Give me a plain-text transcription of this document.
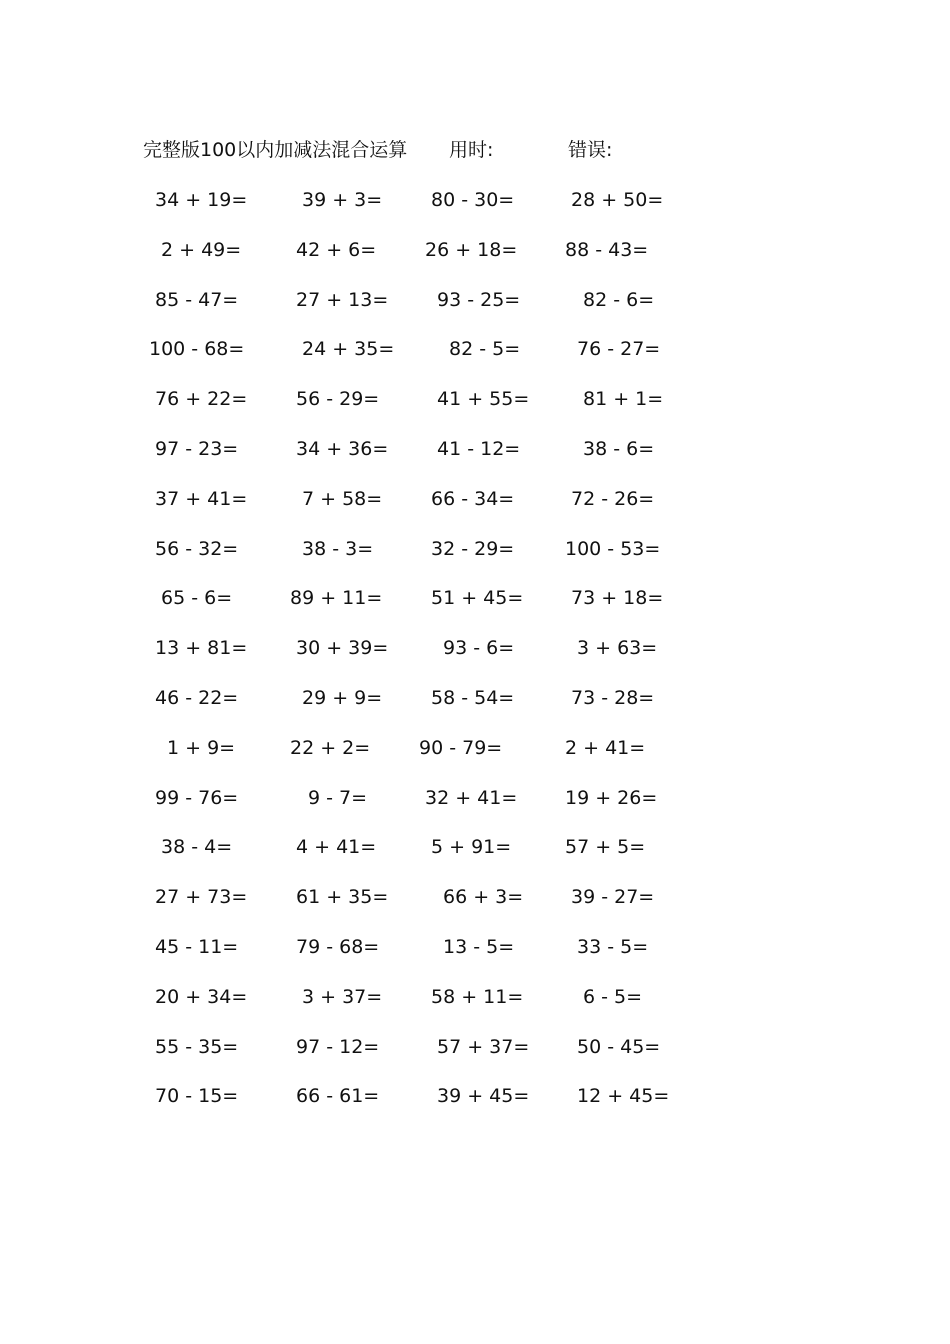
完整版100以内加减法混合运算 用时:	错误:
34 + 19=	39 + 3=	80 - 30=	28 + 50=
2 + 49=	42 + 6=	26 + 18=	88 - 43=
85 - 47=	27 + 13=	93 - 25=	82 - 6=
100 - 68=	24 + 35=	82 - 5=	76 - 27=
76 + 22=	56 - 29=	41 + 55=	81 + 1=
97 - 23=	34 + 36=	41 - 12=	38 - 6=
37 + 41=	7 + 58=	66 - 34=	72 - 26=
56 - 32=	38 - 3=	32 - 29=	100 - 53=
65 - 6=	89 + 11=	51 + 45=	73 + 18=
13 + 81=	30 + 39=	93 - 6=	3 + 63=
46 - 22=	29 + 9=	58 - 54=	73 - 28=
1 + 9=	22 + 2=	90 - 79=	2 + 41=
99 - 76=	9 - 7=	32 + 41=	19 + 26=
38 - 4=	4 + 41=	5 + 91=	57 + 5=
27 + 73=	61 + 35=	66 + 3=	39 - 27=
45 - 11=	79 - 68=	13 - 5=	33 - 5=
20 + 34=	3 + 37=	58 + 11=	6 - 5=
55 - 35=	97 - 12=	57 + 37=	50 - 45=
70 - 15=	66 - 61=	39 + 45=	12 + 45=
